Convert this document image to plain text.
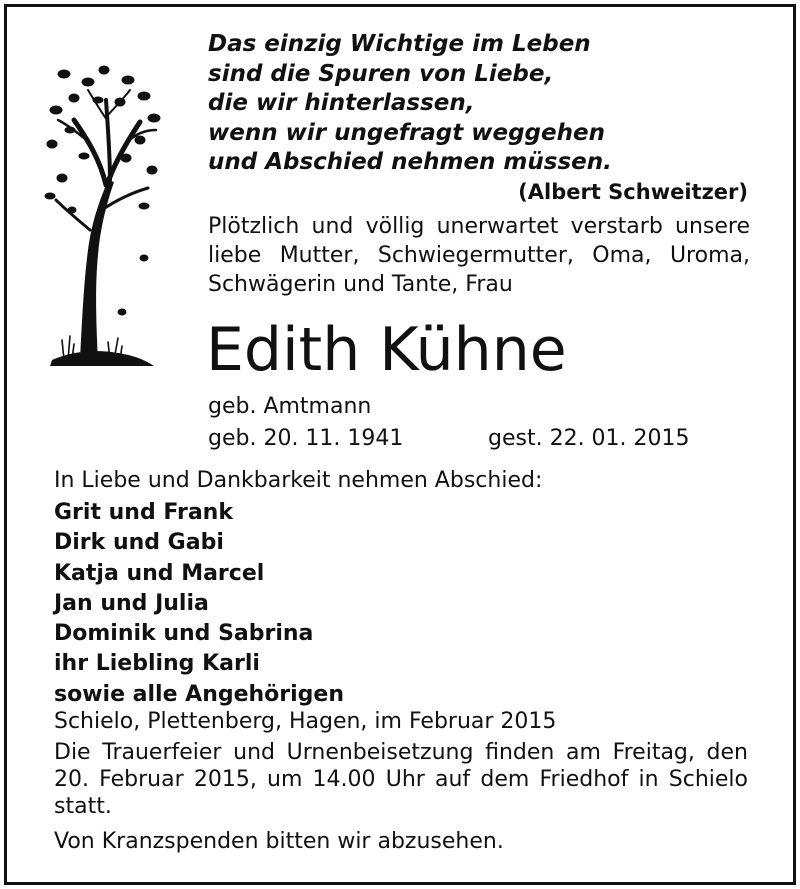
Das einzig Wichtige im Leben
sind die Spuren von Liebe,
die wir hinterlassen,
wenn wir ungefragt weggehen
und Abschied nehmen müssen.
(Albert Schweitzer)
Plötzlich und völlig unerwartet verstarb unsere
liebe Mutter, Schwiegermutter, Oma, Uroma,
Schwägerin und Tante, Frau
Edith Kühne
geb. Amtmann
geb. 20. 11. 1941	gest. 22. 01. 2015
In Liebe und Dankbarkeit nehmen Abschied:
Grit und Frank
Dirk und Gabi
Katja und Marcel
Jan und Julia
Dominik und Sabrina
ihr Liebling Karli
sowie alle Angehörigen
Schielo, Plettenberg, Hagen, im Februar 2015
Die Trauerfeier und Urnenbeisetzung finden am Freitag, den
20. Februar 2015, um 14.00 Uhr auf dem Friedhof in Schielo
statt.
Von Kranzspenden bitten wir abzusehen.
